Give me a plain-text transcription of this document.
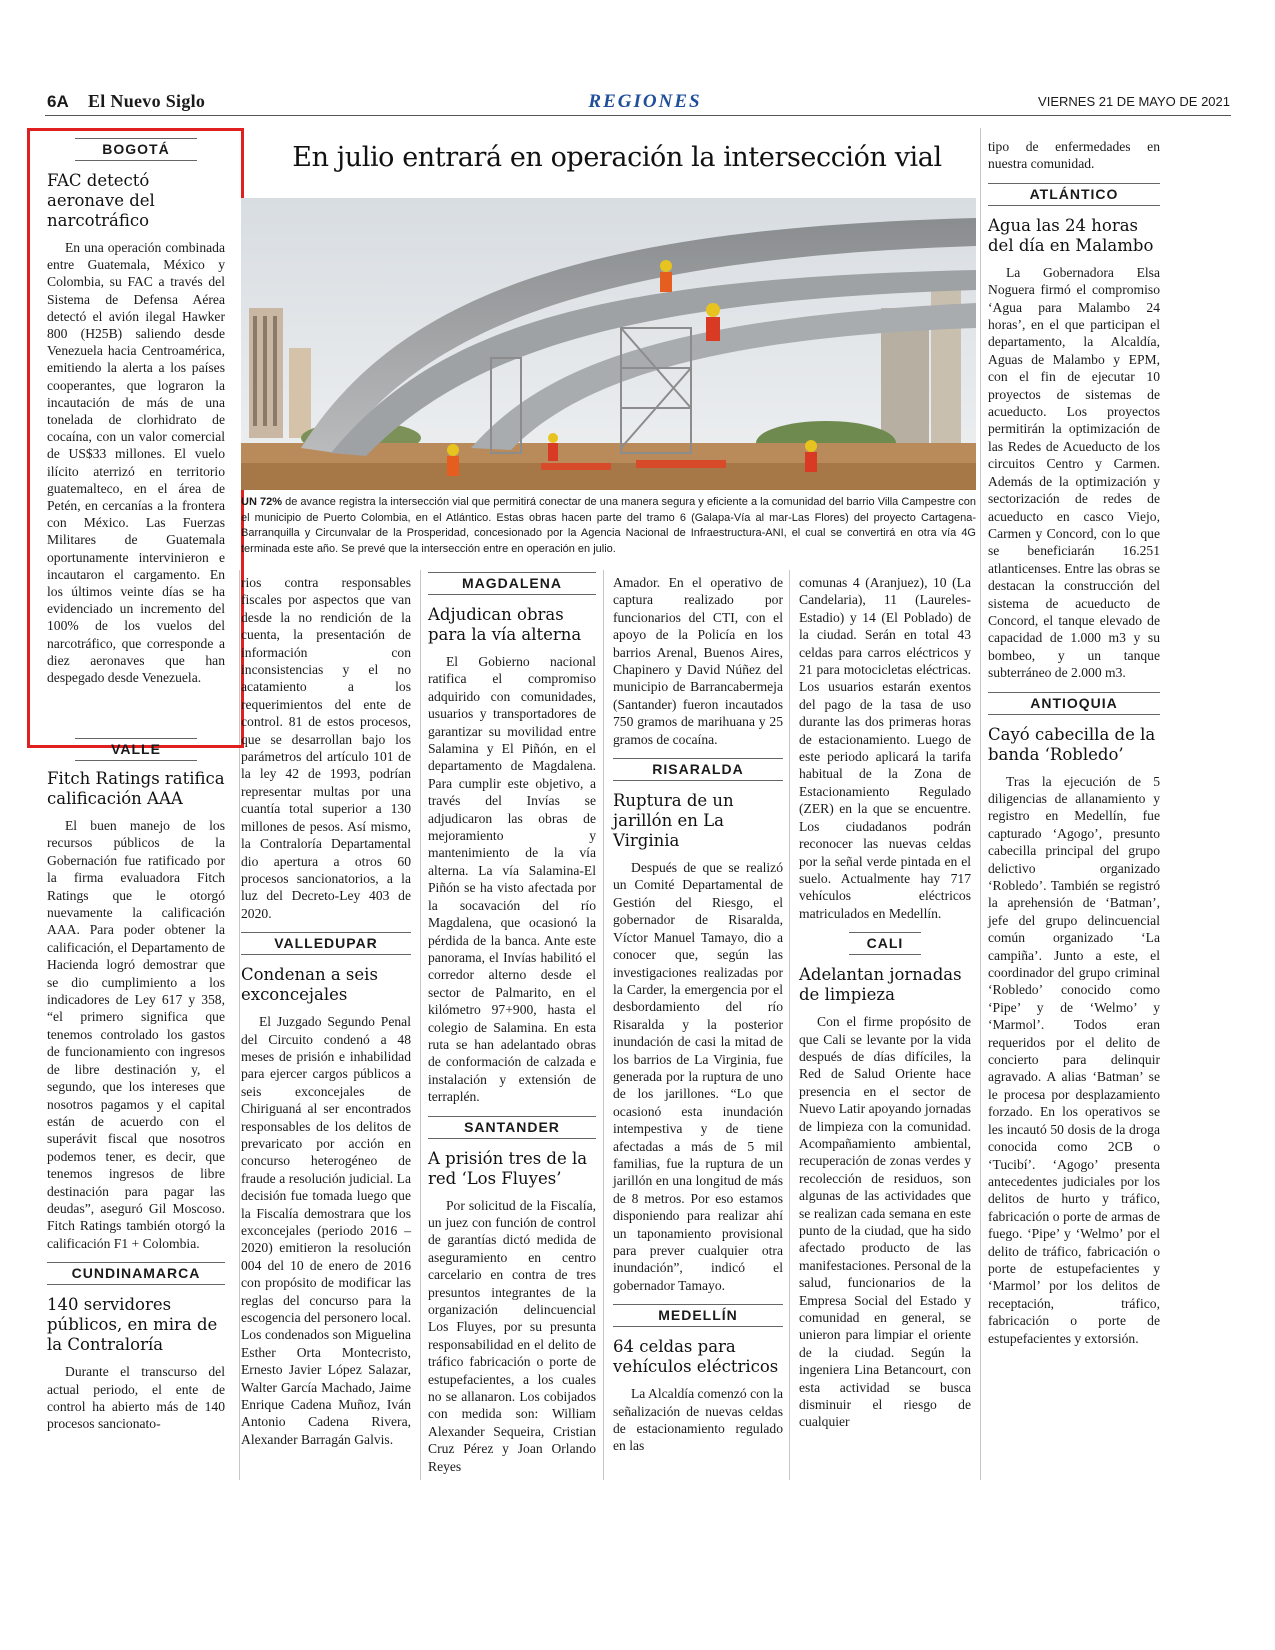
6A El Nuevo Siglo	REGIONES	VIERNES 21 DE MAYO DE 2021
BOGOTÁ
FAC detectó aeronave del narcotráfico

En una operación combinada entre Guatemala, México y Colombia, su FAC a través del Sistema de Defensa Aérea detectó el avión ilegal Hawker 800 (H25B) saliendo desde Venezuela hacia Centroamérica, emitiendo la alerta a los países cooperantes, que lograron la incautación de más de una tonelada de clorhidrato de cocaína, con un valor comercial de US$33 millones. El vuelo ilícito aterrizó en territorio guatemalteco, en el área de Petén, en cercanías a la frontera con México. Las Fuerzas Militares de Guatemala oportunamente intervinieron e incautaron el cargamento. En los últimos veinte días se ha evidenciado un incremento del 100% de los vuelos del narcotráfico, que corresponde a diez aeronaves que han despegado desde Venezuela.

VALLE
Fitch Ratings ratifica calificación AAA

El buen manejo de los recursos públicos de la Gobernación fue ratificado por la firma evaluadora Fitch Ratings que le otorgó nuevamente la calificación AAA. Para poder obtener la calificación, el Departamento de Hacienda logró demostrar que se dio cumplimiento a los indicadores de Ley 617 y 358, “el primero significa que tenemos controlado los gastos de funcionamiento con ingresos de libre destinación y, el segundo, que los intereses que nosotros pagamos y el capital están de acuerdo con el superávit fiscal que nosotros podemos tener, es decir, que tenemos ingresos de libre destinación para pagar las deudas”, aseguró Gil Moscoso. Fitch Ratings también otorgó la calificación F1 + Colombia.

CUNDINAMARCA
140 servidores públicos, en mira de la Contraloría

Durante el transcurso del actual periodo, el ente de control ha abierto más de 140 procesos sancionato-

En julio entrará en operación la intersección vial
UN 72% de avance registra la intersección vial que permitirá conectar de una manera segura y eficiente a la comunidad del barrio Villa Campestre con el municipio de Puerto Colombia, en el Atlántico. Estas obras hacen parte del tramo 6 (Galapa-Vía al mar-Las Flores) del proyecto Cartagena-Barranquilla y Circunvalar de la Prosperidad, concesionado por la Agencia Nacional de Infraestructura-ANI, el cual se convertirá en otra vía 4G terminada este año. Se prevé que la intersección entre en operación en julio.

rios contra responsables fiscales por aspectos que van desde la no rendición de la cuenta, la presentación de información con inconsistencias y el no acatamiento a los requerimientos del ente de control. 81 de estos procesos, que se desarrollan bajo los parámetros del artículo 101 de la ley 42 de 1993, podrían representar multas por una cuantía total superior a 130 millones de pesos. Así mismo, la Contraloría Departamental dio apertura a otros 60 procesos sancionatorios, a la luz del Decreto-Ley 403 de 2020.

VALLEDUPAR
Condenan a seis exconcejales

El Juzgado Segundo Penal del Circuito condenó a 48 meses de prisión e inhabilidad para ejercer cargos públicos a seis exconcejales de Chiriguaná al ser encontrados responsables de los delitos de prevaricato por acción en concurso heterogéneo de fraude a resolución judicial. La decisión fue tomada luego que la Fiscalía demostrara que los exconcejales (periodo 2016 – 2020) emitieron la resolución 004 del 10 de enero de 2016 con propósito de modificar las reglas del concurso para la escogencia del personero local. Los condenados son Miguelina Esther Orta Montecristo, Ernesto Javier López Salazar, Walter García Machado, Jaime Enrique Cadena Muñoz, Iván Antonio Cadena Rivera, Alexander Barragán Galvis.

MAGDALENA
Adjudican obras para la vía alterna

El Gobierno nacional ratifica el compromiso adquirido con comunidades, usuarios y transportadores de garantizar su movilidad entre Salamina y El Piñón, en el departamento de Magdalena. Para cumplir este objetivo, a través del Invías se adjudicaron las obras de mejoramiento y mantenimiento de la vía alterna. La vía Salamina-El Piñón se ha visto afectada por la socavación del río Magdalena, que ocasionó la pérdida de la banca. Ante este panorama, el Invías habilitó el corredor alterno desde el sector de Palmarito, en el kilómetro 97+900, hasta el colegio de Salamina. En esta ruta se han adelantado obras de conformación de calzada e instalación y extensión de terraplén.

SANTANDER
A prisión tres de la red ‘Los Fluyes’

Por solicitud de la Fiscalía, un juez con función de control de garantías dictó medida de aseguramiento en centro carcelario en contra de tres presuntos integrantes de la organización delincuencial Los Fluyes, por su presunta responsabilidad en el delito de tráfico fabricación o porte de estupefacientes, a los cuales no se allanaron. Los cobijados con medida son: William Alexander Sequeira, Cristian Cruz Pérez y Joan Orlando Reyes

Amador. En el operativo de captura realizado por funcionarios del CTI, con el apoyo de la Policía en los barrios Arenal, Buenos Aires, Chapinero y David Núñez del municipio de Barrancabermeja (Santander) fueron incautados 750 gramos de marihuana y 25 gramos de cocaína.

RISARALDA
Ruptura de un jarillón en La Virginia

Después de que se realizó un Comité Departamental de Gestión del Riesgo, el gobernador de Risaralda, Víctor Manuel Tamayo, dio a conocer que, según las investigaciones realizadas por la Carder, la emergencia por el desbordamiento del río Risaralda y la posterior inundación de casi la mitad de los barrios de La Virginia, fue generada por la ruptura de uno de los jarillones. “Lo que ocasionó esta inundación intempestiva y de tiene afectadas a más de 5 mil familias, fue la ruptura de un jarillón en una longitud de más de 8 metros. Por eso estamos disponiendo para realizar ahí un taponamiento provisional para prever cualquier otra inundación”, indicó el gobernador Tamayo.

MEDELLÍN
64 celdas para vehículos eléctricos

La Alcaldía comenzó con la señalización de nuevas celdas de estacionamiento regulado en las

comunas 4 (Aranjuez), 10 (La Candelaria), 11 (Laureles-Estadio) y 14 (El Poblado) de la ciudad. Serán en total 43 celdas para carros eléctricos y 21 para motocicletas eléctricas. Los usuarios estarán exentos del pago de la tasa de uso durante las dos primeras horas de estacionamiento. Luego de este periodo aplicará la tarifa habitual de la Zona de Estacionamiento Regulado (ZER) en la que se encuentre. Los ciudadanos podrán reconocer las nuevas celdas por la señal verde pintada en el suelo. Actualmente hay 717 vehículos eléctricos matriculados en Medellín.

CALI
Adelantan jornadas de limpieza

Con el firme propósito de que Cali se levante por la vida después de días difíciles, la Red de Salud Oriente hace presencia en el sector de Nuevo Latir apoyando jornadas de limpieza con la comunidad. Acompañamiento ambiental, recuperación de zonas verdes y recolección de residuos, son algunas de las actividades que se realizan cada semana en este punto de la ciudad, que ha sido afectado producto de las manifestaciones. Personal de la salud, funcionarios de la Empresa Social del Estado y comunidad en general, se unieron para limpiar el oriente de la ciudad. Según la ingeniera Lina Betancourt, con esta actividad se busca disminuir el riesgo de cualquier

tipo de enfermedades en nuestra comunidad.

ATLÁNTICO
Agua las 24 horas del día en Malambo

La Gobernadora Elsa Noguera firmó el compromiso ‘Agua para Malambo 24 horas’, en el que participan el departamento, la Alcaldía, Aguas de Malambo y EPM, con el fin de ejecutar 10 proyectos de sistemas de acueducto. Los proyectos permitirán la optimización de las Redes de Acueducto de los circuitos Centro y Carmen. Además de la optimización y sectorización de redes de acueducto en casco Viejo, Carmen y Concord, con lo que se beneficiarán 16.251 atlanticenses. Entre las obras se destacan la construcción del sistema de acueducto de Concord, el tanque elevado de capacidad de 1.000 m3 y su bombeo, y un tanque subterráneo de 2.000 m3.

ANTIOQUIA
Cayó cabecilla de la banda ‘Robledo’

Tras la ejecución de 5 diligencias de allanamiento y registro en Medellín, fue capturado ‘Agogo’, presunto cabecilla principal del grupo delictivo organizado ‘Robledo’. También se registró la aprehensión de ‘Batman’, jefe del grupo delincuencial común organizado ‘La campiña’. Junto a este, el coordinador del grupo criminal ‘Robledo’ conocido como ‘Pipe’ y de ‘Welmo’ y ‘Marmol’. Todos eran requeridos por el delito de concierto para delinquir agravado. A alias ‘Batman’ se le procesa por desplazamiento forzado. En los operativos se les incautó 50 dosis de la droga conocida como 2CB o ‘Tucibí’. ‘Agogo’ presenta antecedentes judiciales por los delitos de hurto y tráfico, fabricación o porte de armas de fuego. ‘Pipe’ y ‘Welmo’ por el delito de tráfico, fabricación o porte de estupefacientes y ‘Marmol’ por los delitos de receptación, tráfico, fabricación o porte de estupefacientes y extorsión.
